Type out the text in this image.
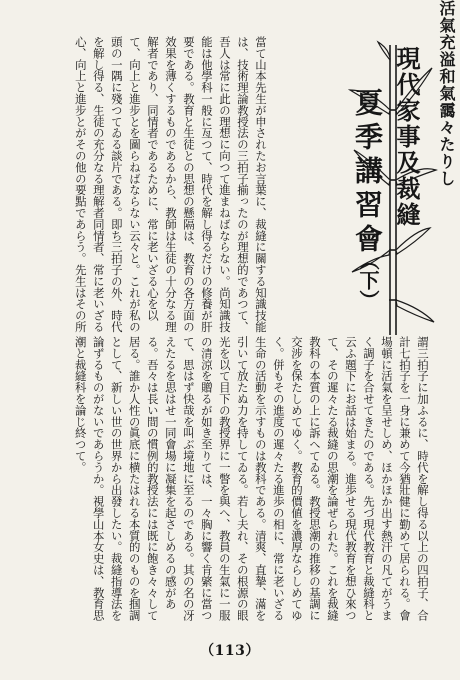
當て山本先生が申されたお言葉に、裁縫に關する知識技能は、技術理論教授法の三拍子揃ったのが理想的であつて、吾人は常に此の理想に向つて進まねばならない。尚知識技能は他學科一般に亙つて、時代を解し得るだけの修養が肝要である。教育と生徒との思想の懸隔は、教育の各方面の效果を薄くするものであるから、教師は生徒の十分なる理解者であり、同情者であるために、常に老いざる心を以て、向上と進步とを圖らねばならない云々と。これが私の頭の一隅に殘つてゐる談片である。即ち三拍子の外、時代を解し得る、生徒の充分なる理解者同情者、常に老いざる心、向上と進步とがその他の要點であらう。先生はその所	活氣充溢和氣靄々たりし
現代家事及裁縫
夏季講習會
（下）
謂三拍子に加ふるに、時代を解し得る以上の四拍子、合計七拍子を一身に兼めて今猶壯健に勤めて居られる。會場頓に活氣を呈せしめ、ほかほか出す熱汗の凡てがうまく調子を合せてきたのである。先づ現代教育と裁縫科と云ふ題下にお話は始まる。進歩せる現代教育を想ひ來つて、その遲々たる裁縫の思潮を論ぜられた。これを裁縫教科の本質の上に訴へてゐる。教授思潮の推移の基調に交涉を保たしめてゆく。教育的價値を濃厚ならしめてゆく。併もその進度の遲々たる進歩の相に、常に老いざる生命の活動を示すものは教科である。清爽、直摯、滿を引いて放たぬ力を持してゐる。若し夫れ、その根源の眼光を以て目下の教授界に一瞥を與へ、教員の生氣に一服の清涼を贈るが如き至りては、一々胸に響く肯綮に當つて、思はず快哉を叫ぶ境地に至るのである。其の名の冴えたるを思はせ一同會場に凝集を起さしめるの感がある。吾々は長い間の慣例的教授法には既に飽き々々して居る。誰か人性の眞底に横たはれる本質的のものを掴調として、新しい世の世界から出發したい。裁縫指導法を論ずるものがないであらうか。視學山本女史は、教育思潮と裁縫科を論じ終つて。
（113）
